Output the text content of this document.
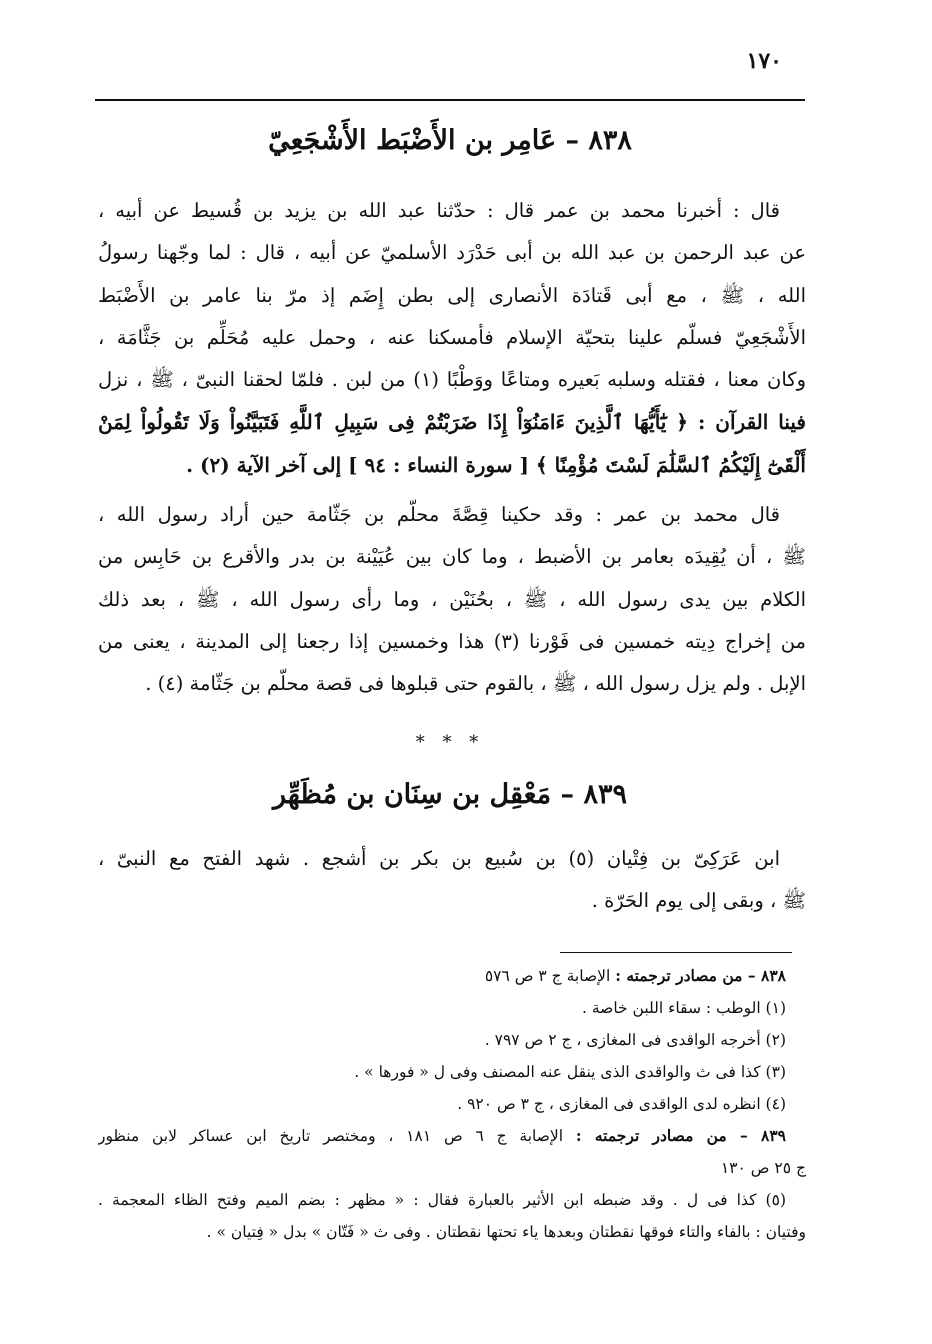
١٧٠
٨٣٨ – عَامِر بن الأَضْبَط الأَشْجَعِيّ
قال : أخبرنا محمد بن عمر قال : حدّثنا عبد الله بن يزيد بن قُسيط عن أبيه ،
عن عبد الرحمن بن عبد الله بن أبى حَدْرَد الأسلميّ عن أبيه ، قال : لما وجّهنا رسولُ
الله ، ﷺ ، مع أبى قَتادَة الأنصارى إلى بطن إِضَم إذ مرّ بنا عامر بن الأَضْبَط
الأَشْجَعِيّ فسلّم علينا بتحيّة الإسلام فأمسكنا عنه ، وحمل عليه مُحَلِّم بن جَثَّامَة ،
وكان معنا ، فقتله وسلبه بَعيره ومتاعًا ووَطْبًا (١) من لبن . فلمّا لحقنا النبىّ ، ﷺ ، نزل
فينا القرآن : ﴿ يَٰٓأَيُّهَا ٱلَّذِينَ ءَامَنُوٓاْ إِذَا ضَرَبْتُمْ فِى سَبِيلِ ٱللَّهِ فَتَبَيَّنُواْ وَلَا تَقُولُواْ لِمَنْ
أَلْقَىٰٓ إِلَيْكُمُ ٱلسَّلَٰمَ لَسْتَ مُؤْمِنًا ﴾ [ سورة النساء : ٩٤ ] إلى آخر الآية (٢) .
قال محمد بن عمر : وقد حكينا قِصَّةَ محلّم بن جَثّامة حين أراد رسول الله ،
ﷺ ، أن يُقِيدَه بعامر بن الأضبط ، وما كان بين عُيَيْنة بن بدر والأقرع بن حَابِس من
الكلام بين يدى رسول الله ، ﷺ ، بحُنَيْن ، وما رأى رسول الله ، ﷺ ، بعد ذلك
من إخراج دِيته خمسين فى فَوْرنا (٣) هذا وخمسين إذا رجعنا إلى المدينة ، يعنى من
الإبل . ولم يزل رسول الله ، ﷺ ، بالقوم حتى قبلوها فى قصة محلّم بن جَثّامة (٤) .
* * *
٨٣٩ – مَعْقِل بن سِنَان بن مُظَهِّر
ابن عَرَكِىّ بن فِتْيان (٥) بن سُبيع بن بكر بن أشجع . شهد الفتح مع النبىّ ،
ﷺ ، وبقى إلى يوم الحَرّة .
٨٣٨ – من مصادر ترجمته : الإصابة ج ٣ ص ٥٧٦
(١) الوطب : سقاء اللبن خاصة .
(٢) أخرجه الواقدى فى المغازى ، ج ٢ ص ٧٩٧ .
(٣) كذا فى ث والواقدى الذى ينقل عنه المصنف وفى ل « فورها » .
(٤) انظره لدى الواقدى فى المغازى ، ج ٣ ص ٩٢٠ .
٨٣٩ – من مصادر ترجمته : الإصابة ج ٦ ص ١٨١ ، ومختصر تاريخ ابن عساكر لابن منظور
ج ٢٥ ص ١٣٠
(٥) كذا فى ل . وقد ضبطه ابن الأثير بالعبارة فقال : « مظهر : بضم الميم وفتح الظاء المعجمة .
وفتيان : بالفاء والتاء فوقها نقطتان وبعدها ياء تحتها نقطتان . وفى ث « فَتّان » بدل « فِتيان » .
